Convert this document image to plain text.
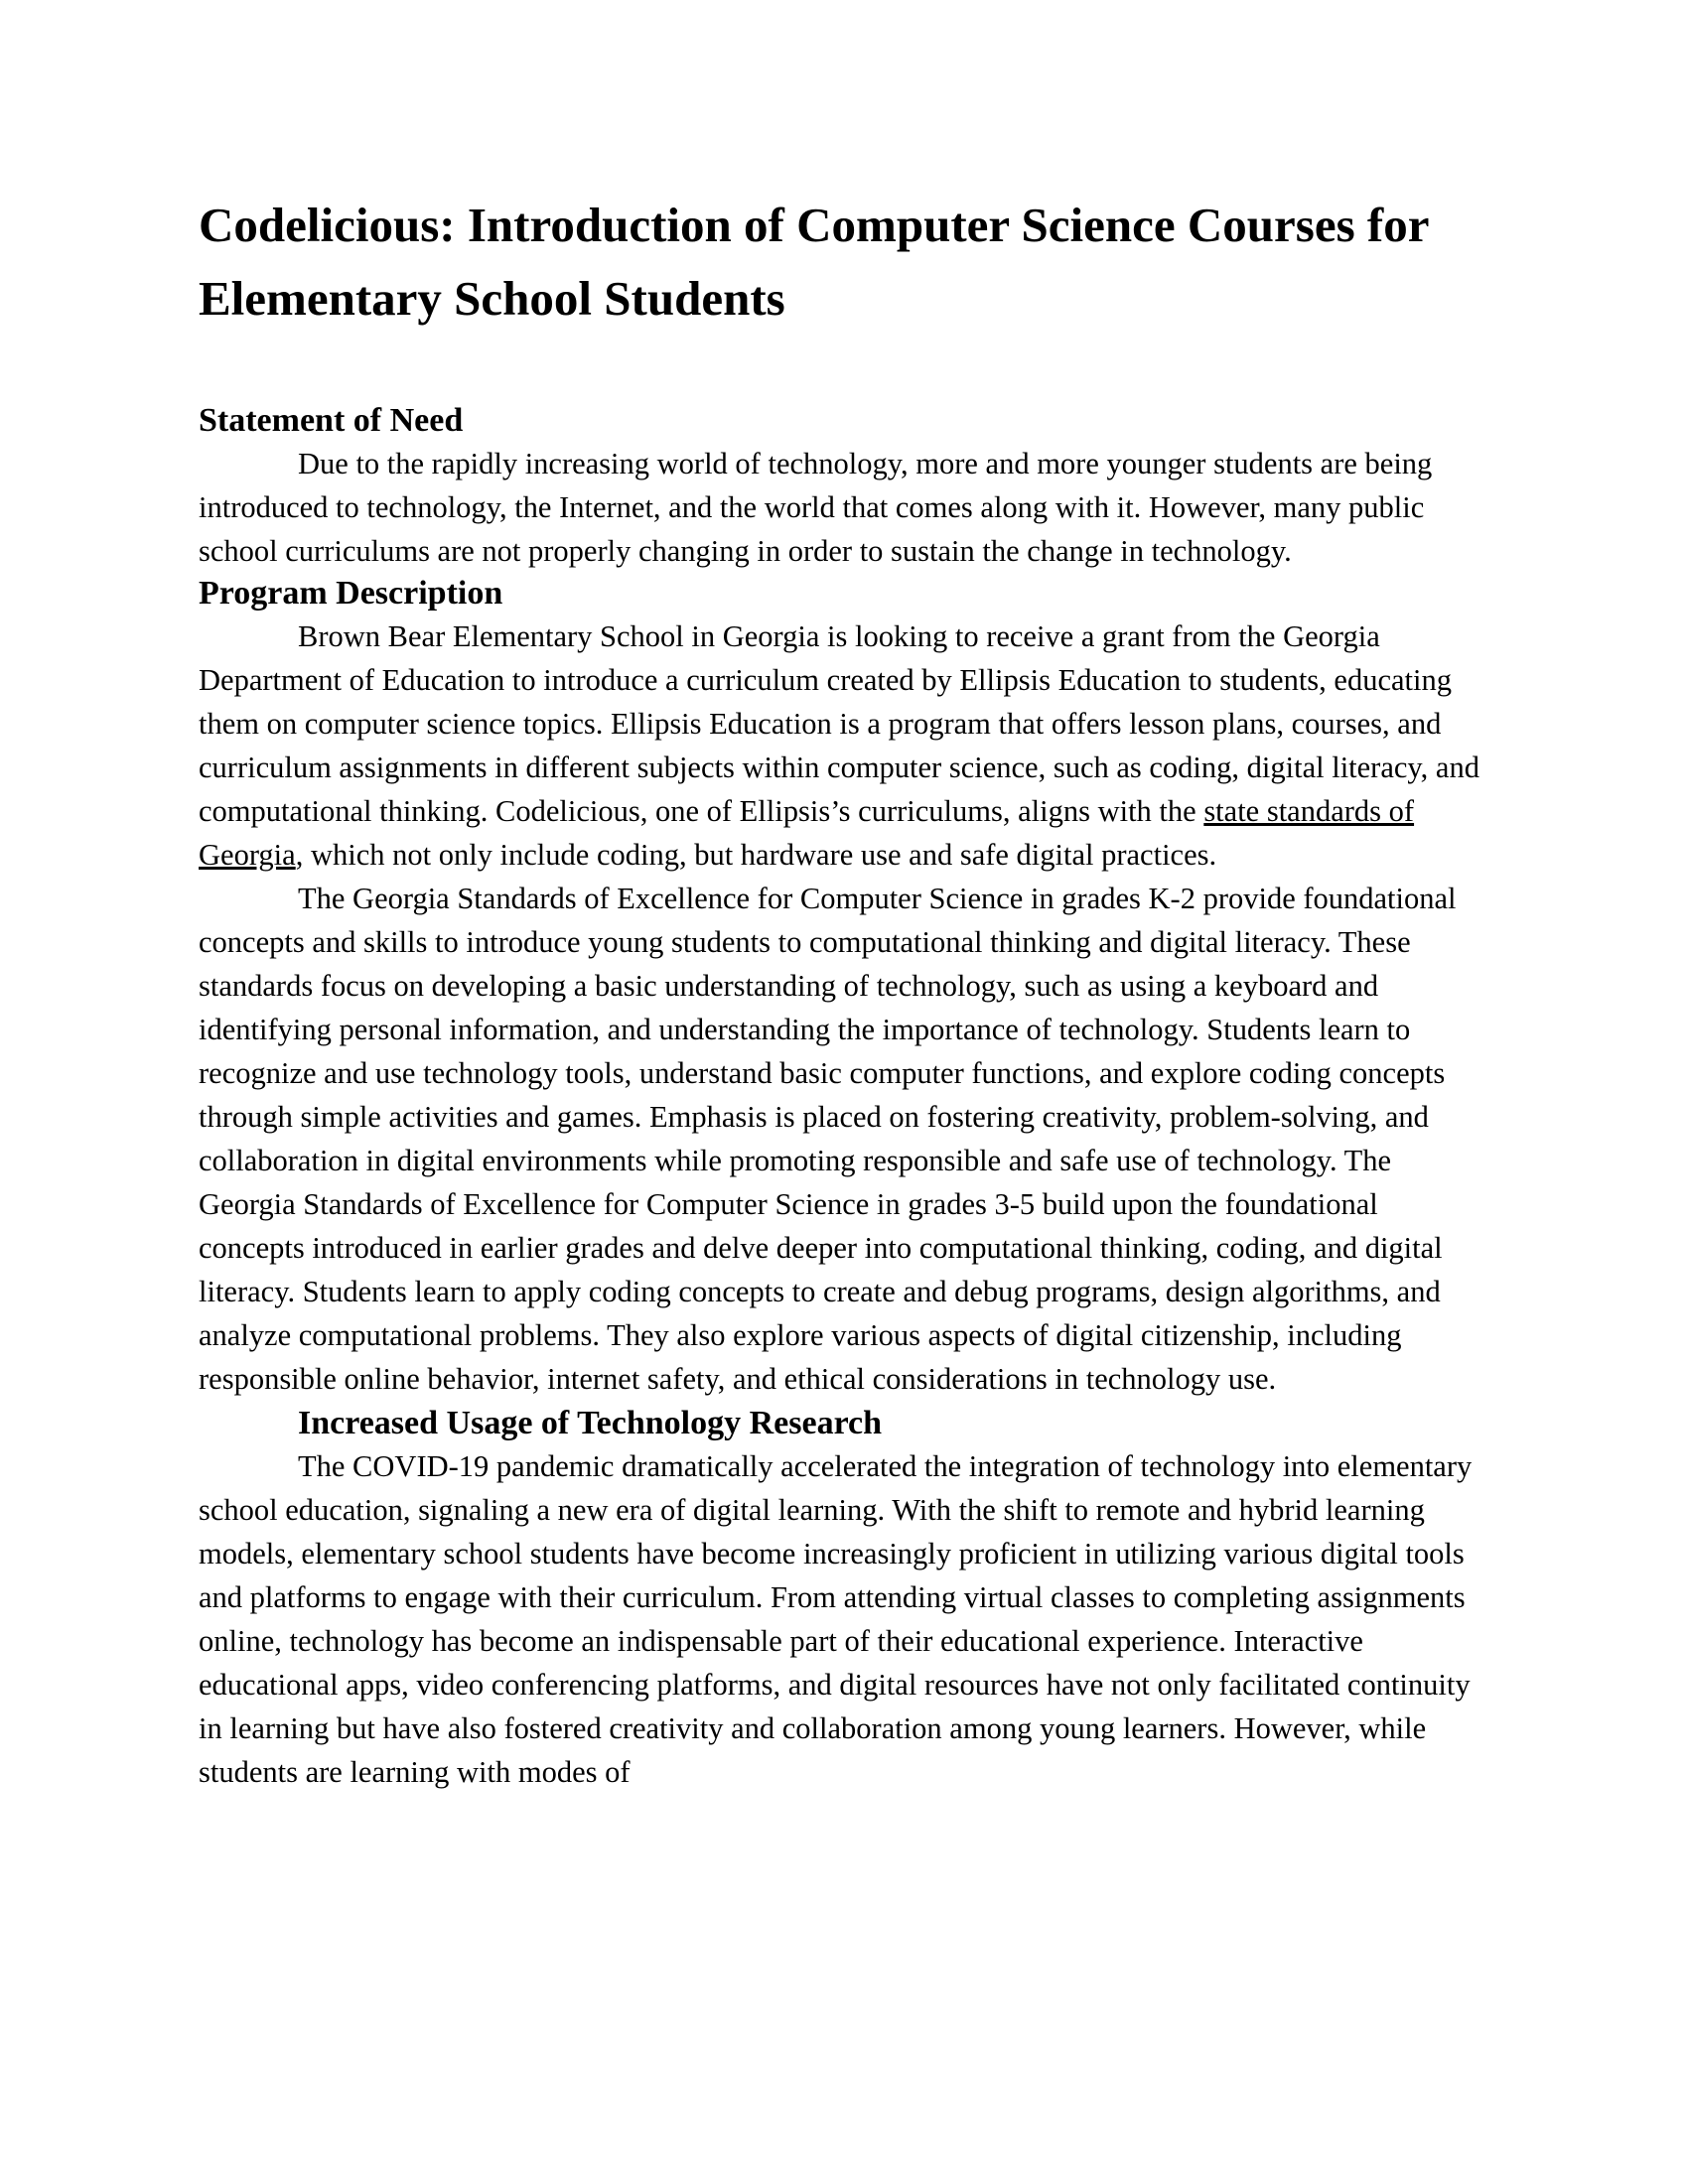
Codelicious: Introduction of Computer Science Courses for Elementary School Students
Statement of Need

Due to the rapidly increasing world of technology, more and more younger students are being introduced to technology, the Internet, and the world that comes along with it. However, many public school curriculums are not properly changing in order to sustain the change in technology.

Program Description

Brown Bear Elementary School in Georgia is looking to receive a grant from the Georgia Department of Education to introduce a curriculum created by Ellipsis Education to students, educating them on computer science topics. Ellipsis Education is a program that offers lesson plans, courses, and curriculum assignments in different subjects within computer science, such as coding, digital literacy, and computational thinking. Codelicious, one of Ellipsis’s curriculums, aligns with the state standards of Georgia, which not only include coding, but hardware use and safe digital practices.

The Georgia Standards of Excellence for Computer Science in grades K-2 provide foundational concepts and skills to introduce young students to computational thinking and digital literacy. These standards focus on developing a basic understanding of technology, such as using a keyboard and identifying personal information, and understanding the importance of technology. Students learn to recognize and use technology tools, understand basic computer functions, and explore coding concepts through simple activities and games. Emphasis is placed on fostering creativity, problem-solving, and collaboration in digital environments while promoting responsible and safe use of technology. The Georgia Standards of Excellence for Computer Science in grades 3-5 build upon the foundational concepts introduced in earlier grades and delve deeper into computational thinking, coding, and digital literacy. Students learn to apply coding concepts to create and debug programs, design algorithms, and analyze computational problems. They also explore various aspects of digital citizenship, including responsible online behavior, internet safety, and ethical considerations in technology use.

Increased Usage of Technology Research

The COVID-19 pandemic dramatically accelerated the integration of technology into elementary school education, signaling a new era of digital learning. With the shift to remote and hybrid learning models, elementary school students have become increasingly proficient in utilizing various digital tools and platforms to engage with their curriculum. From attending virtual classes to completing assignments online, technology has become an indispensable part of their educational experience. Interactive educational apps, video conferencing platforms, and digital resources have not only facilitated continuity in learning but have also fostered creativity and collaboration among young learners. However, while students are learning with modes of
